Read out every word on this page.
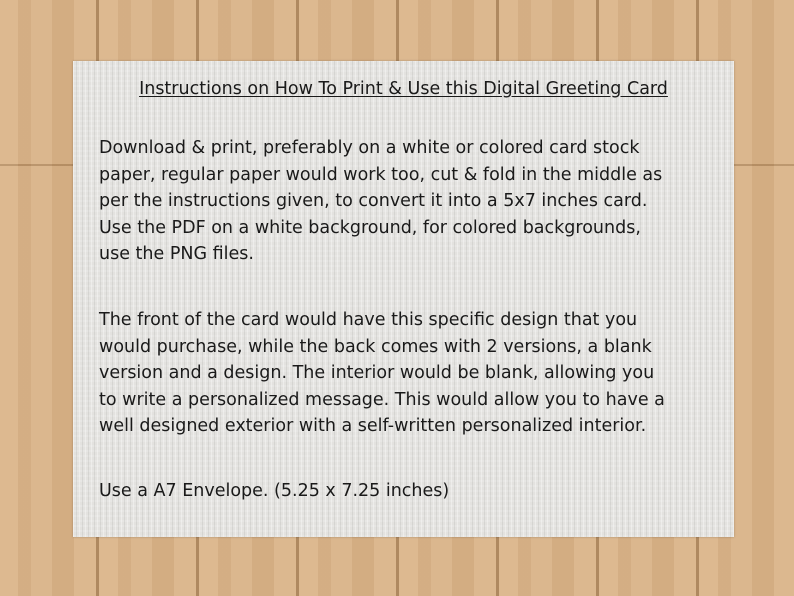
Instructions on How To Print & Use this Digital Greeting Card

Download & print, preferably on a white or colored card stock
paper, regular paper would work too, cut & fold in the middle as
per the instructions given, to convert it into a 5x7 inches card.
Use the PDF on a white background, for colored backgrounds,
use the PNG files.

The front of the card would have this specific design that you
would purchase, while the back comes with 2 versions, a blank
version and a design. The interior would be blank, allowing you
to write a personalized message. This would allow you to have a
well designed exterior with a self-written personalized interior.

Use a A7 Envelope. (5.25 x 7.25 inches)
